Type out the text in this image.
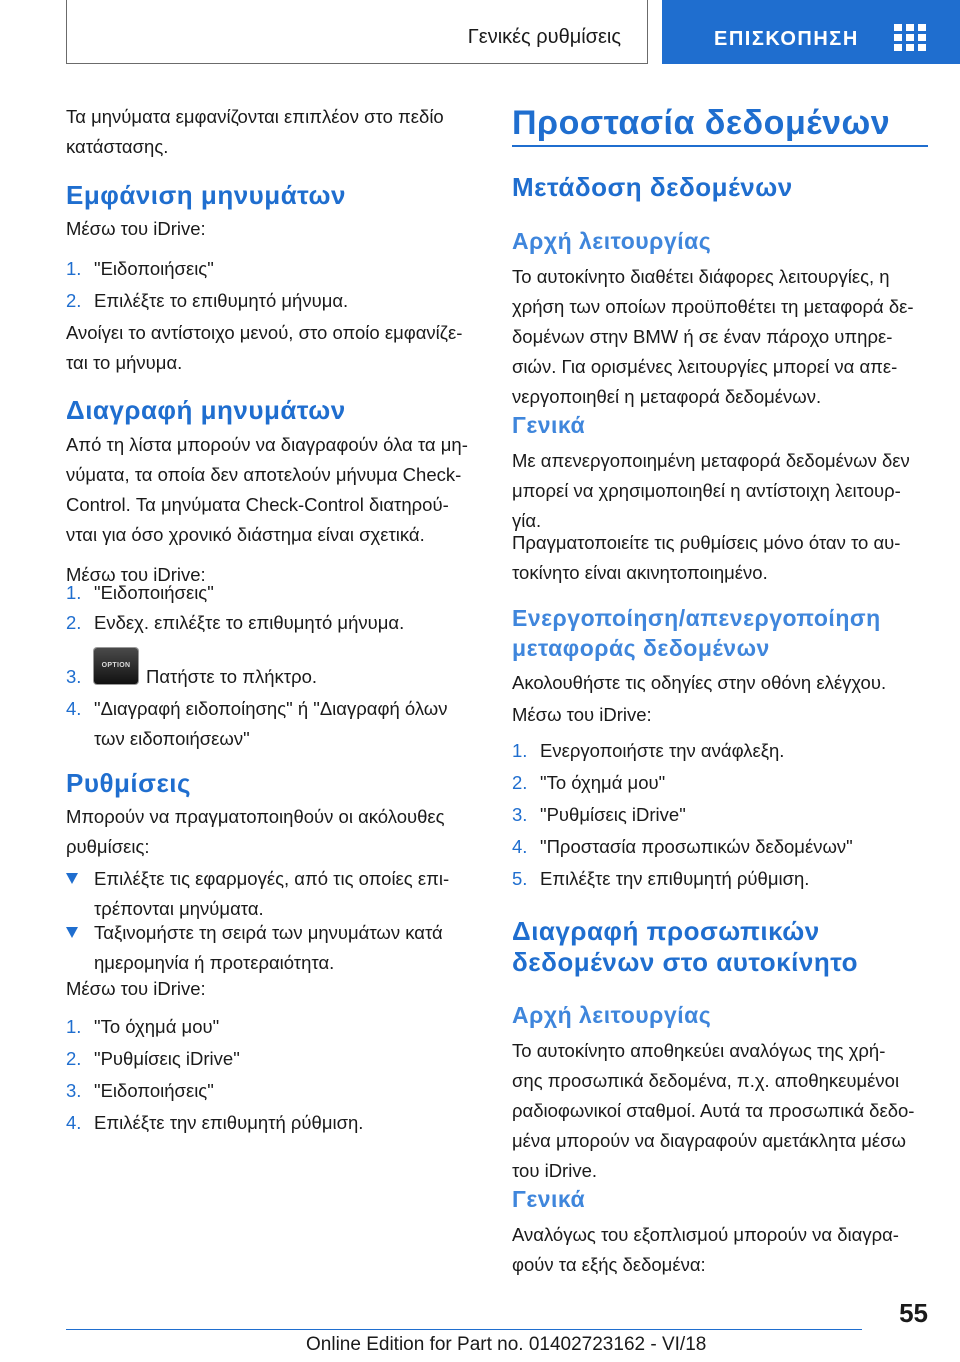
Γενικές ρυθμίσεις	ΕΠΙΣΚΟΠΗΣΗ

Τα μηνύματα εμφανίζονται επιπλέον στο πεδίο

κατάστασης.

Εμφάνιση μηνυμάτων

Μέσω του iDrive:

1. "Ειδοποιήσεις"
2. Επιλέξτε το επιθυμητό μήνυμα.

Ανοίγει το αντίστοιχο μενού, στο οποίο εμφανίζε-

ται το μήνυμα.

Διαγραφή μηνυμάτων

Από τη λίστα μπορούν να διαγραφούν όλα τα μη-

νύματα, τα οποία δεν αποτελούν μήνυμα Check-

Control. Τα μηνύματα Check-Control διατηρού-

νται για όσο χρονικό διάστημα είναι σχετικά.

Μέσω του iDrive:

1. "Ειδοποιήσεις"
2. Ενδεχ. επιλέξτε το επιθυμητό μήνυμα.
3.
OPTION
Πατήστε το πλήκτρο.
4. "Διαγραφή ειδοποίησης" ή "Διαγραφή όλων
των ειδοποιήσεων"
Ρυθμίσεις

Μπορούν να πραγματοποιηθούν οι ακόλουθες

ρυθμίσεις:

Επιλέξτε τις εφαρμογές, από τις οποίες επι-
τρέπονται μηνύματα.
Ταξινομήστε τη σειρά των μηνυμάτων κατά
ημερομηνία ή προτεραιότητα.

Μέσω του iDrive:

1. "Το όχημά μου"
2. "Ρυθμίσεις iDrive"
3. "Ειδοποιήσεις"
4. Επιλέξτε την επιθυμητή ρύθμιση.
Προστασία δεδομένων
Μετάδοση δεδομένων
Αρχή λειτουργίας

Το αυτοκίνητο διαθέτει διάφορες λειτουργίες, η

χρήση των οποίων προϋποθέτει τη μεταφορά δε-

δομένων στην BMW ή σε έναν πάροχο υπηρε-

σιών. Για ορισμένες λειτουργίες μπορεί να απε-

νεργοποιηθεί η μεταφορά δεδομένων.

Γενικά

Με απενεργοποιημένη μεταφορά δεδομένων δεν

μπορεί να χρησιμοποιηθεί η αντίστοιχη λειτουρ-

γία.

Πραγματοποιείτε τις ρυθμίσεις μόνο όταν το αυ-

τοκίνητο είναι ακινητοποιημένο.

Ενεργοποίηση/απενεργοποίηση
μεταφοράς δεδομένων

Ακολουθήστε τις οδηγίες στην οθόνη ελέγχου.

Μέσω του iDrive:

1. Ενεργοποιήστε την ανάφλεξη.
2. "Το όχημά μου"
3. "Ρυθμίσεις iDrive"
4. "Προστασία προσωπικών δεδομένων"
5. Επιλέξτε την επιθυμητή ρύθμιση.
Διαγραφή προσωπικών
δεδομένων στο αυτοκίνητο
Αρχή λειτουργίας

Το αυτοκίνητο αποθηκεύει αναλόγως της χρή-

σης προσωπικά δεδομένα, π.χ. αποθηκευμένοι

ραδιοφωνικοί σταθμοί. Αυτά τα προσωπικά δεδο-

μένα μπορούν να διαγραφούν αμετάκλητα μέσω

του iDrive.

Γενικά

Αναλόγως του εξοπλισμού μπορούν να διαγρα-

φούν τα εξής δεδομένα:

55
Online Edition for Part no. 01402723162 - VI/18
